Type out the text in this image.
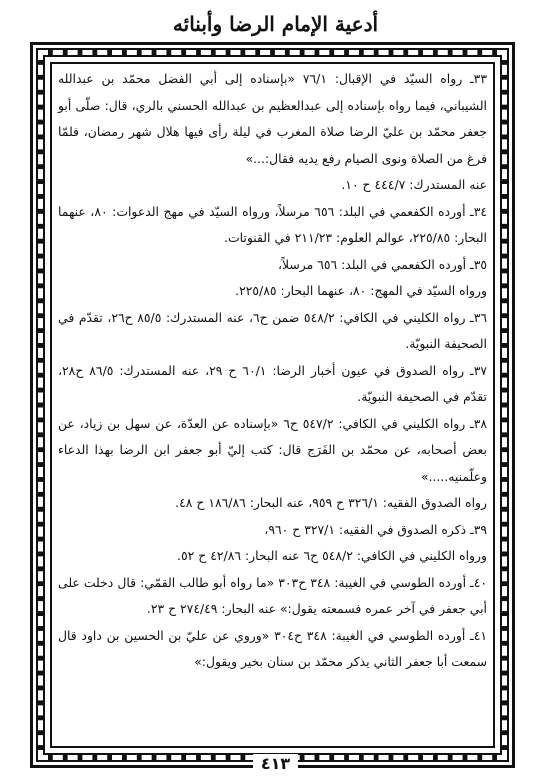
أدعية الإمام الرضا وأبنائه

٣٣ـ رواه السيّد في الإقبال: ٧٦/١ «بإسناده إلى أبي الفضل محمّد بن عبدالله الشيباني، فيما رواه بإسناده إلى عبدالعظيم بن عبدالله الحسني بالري، قال: صلّى أبو جعفر محمّد بن عليّ الرضا صلاة المغرب في ليلة رأى فيها هلال شهر رمضان، فلمّا فرغ من الصلاة ونوى الصيام رفع يديه فقال:...»

عنه المستدرك: ٤٤٤/٧ ح ١٠.

٣٤ـ أورده الكفعمي في البلد: ٦٥٦ مرسلاً، ورواه السيّد في مهج الدعوات: ٨٠، عنهما البحار: ٢٢٥/٨٥، عوالم العلوم: ٢١١/٢٣ في القنوتات.

٣٥ـ أورده الكفعمي في البلد: ٦٥٦ مرسلاً،

ورواه السيّد في المهج: ٨٠، عنهما البحار: ٢٢٥/٨٥.

٣٦ـ رواه الكليني في الكافي: ٥٤٨/٢ ضمن ح٦، عنه المستدرك: ٨٥/٥ ح٢٦، تقدّم في الصحيفة النبويّة.

٣٧ـ رواه الصدوق في عيون أخبار الرضا: ٦٠/١ ح ٢٩، عنه المستدرك: ٨٦/٥ ح٢٨، تقدّم في الصحيفة النبويّة.

٣٨ـ رواه الكليني في الكافي: ٥٤٧/٢ ح٦ «بإسناده عن العدّة، عن سهل بن زياد، عن بعض أصحابه، عن محمّد بن الفَرَج قال: كتب إليّ أبو جعفر ابن الرضا بهذا الدعاء وعلّمنيه.....»

رواه الصدوق الفقيه: ٣٢٦/١ ح ٩٥٩، عنه البحار: ١٨٦/٨٦ ح ٤٨.

٣٩ـ ذكره الصدوق في الفقيه: ٣٢٧/١ ح ٩٦٠،

ورواه الكليني في الكافي: ٥٤٨/٢ ح٦ عنه البحار: ٤٢/٨٦ ح ٥٢.

٤٠ـ أورده الطوسي في الغيبة: ٣٤٨ ح٣٠٣ «ما رواه أبو طالب القمّي: قال دخلت على أبي جعفر في آخر عمره فسمعته يقول:» عنه البحار: ٢٧٤/٤٩ ح ٢٣.

٤١ـ أورده الطوسي في الغيبة: ٣٤٨ ح٣٠٤ «وروي عن عليّ بن الحسين بن داود قال سمعت أبا جعفر الثاني يذكر محمّد بن سنان بخير ويقول:»

٤١٣
